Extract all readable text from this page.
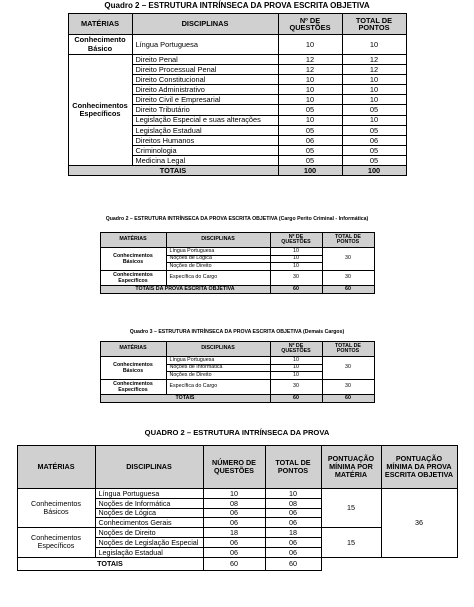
Quadro 2 – ESTRUTURA INTRÍNSECA DA PROVA ESCRITA OBJETIVA
MATÉRIAS	DISCIPLINAS	Nº DE QUESTÕES	TOTAL DE PONTOS
Conhecimento Básico	Língua Portuguesa	10	10
Conhecimentos Específicos	Direito Penal	12	12
	Direito Processual Penal	12	12
	Direito Constitucional	10	10
	Direito Administrativo	10	10
	Direito Civil e Empresarial	10	10
	Direito Tributário	05	05
	Legislação Especial e suas alterações	10	10
	Legislação Estadual	05	05
	Direitos Humanos	06	06
	Criminologia	05	05
	Medicina Legal	05	05
TOTAIS		100	100
Quadro 2 – ESTRUTURA INTRÍNSECA DA PROVA ESCRITA OBJETIVA (Cargo Perito Criminal - Informática)
MATÉRIAS	DISCIPLINAS	Nº DE QUESTÕES	TOTAL DE PONTOS
Conhecimentos Básicos	Língua Portuguesa	10	30
	Noções de Lógica	10	
	Noções de Direito	10	
Conhecimentos Específicos	Específica do Cargo	30	30
TOTAIS DA PROVA ESCRITA OBJETIVA		60	60
Quadro 3 – ESTRUTURA INTRÍNSECA DA PROVA ESCRITA OBJETIVA (Demais Cargos)
MATÉRIAS	DISCIPLINAS	Nº DE QUESTÕES	TOTAL DE PONTOS
Conhecimentos Básicos	Língua Portuguesa	10	30
	Noções de Informática	10	
	Noções de Direito	10	
Conhecimentos Específicos	Específica do Cargo	30	30
TOTAIS		60	60
QUADRO 2 – ESTRUTURA INTRÍNSECA DA PROVA
MATÉRIAS	DISCIPLINAS	NÚMERO DE QUESTÕES	TOTAL DE PONTOS	PONTUAÇÃO MÍNIMA POR MATÉRIA	PONTUAÇÃO MÍNIMA DA PROVA ESCRITA OBJETIVA
Conhecimentos Básicos	Língua Portuguesa	10	10	15	36
	Noções de Informática	08	08		
	Noções de Lógica	06	06		
	Conhecimentos Gerais	06	06		
Conhecimentos Específicos	Noções de Direito	18	18	15	
	Noções de Legislação Especial	06	06		
	Legislação Estadual	06	06		
TOTAIS		60	60		
